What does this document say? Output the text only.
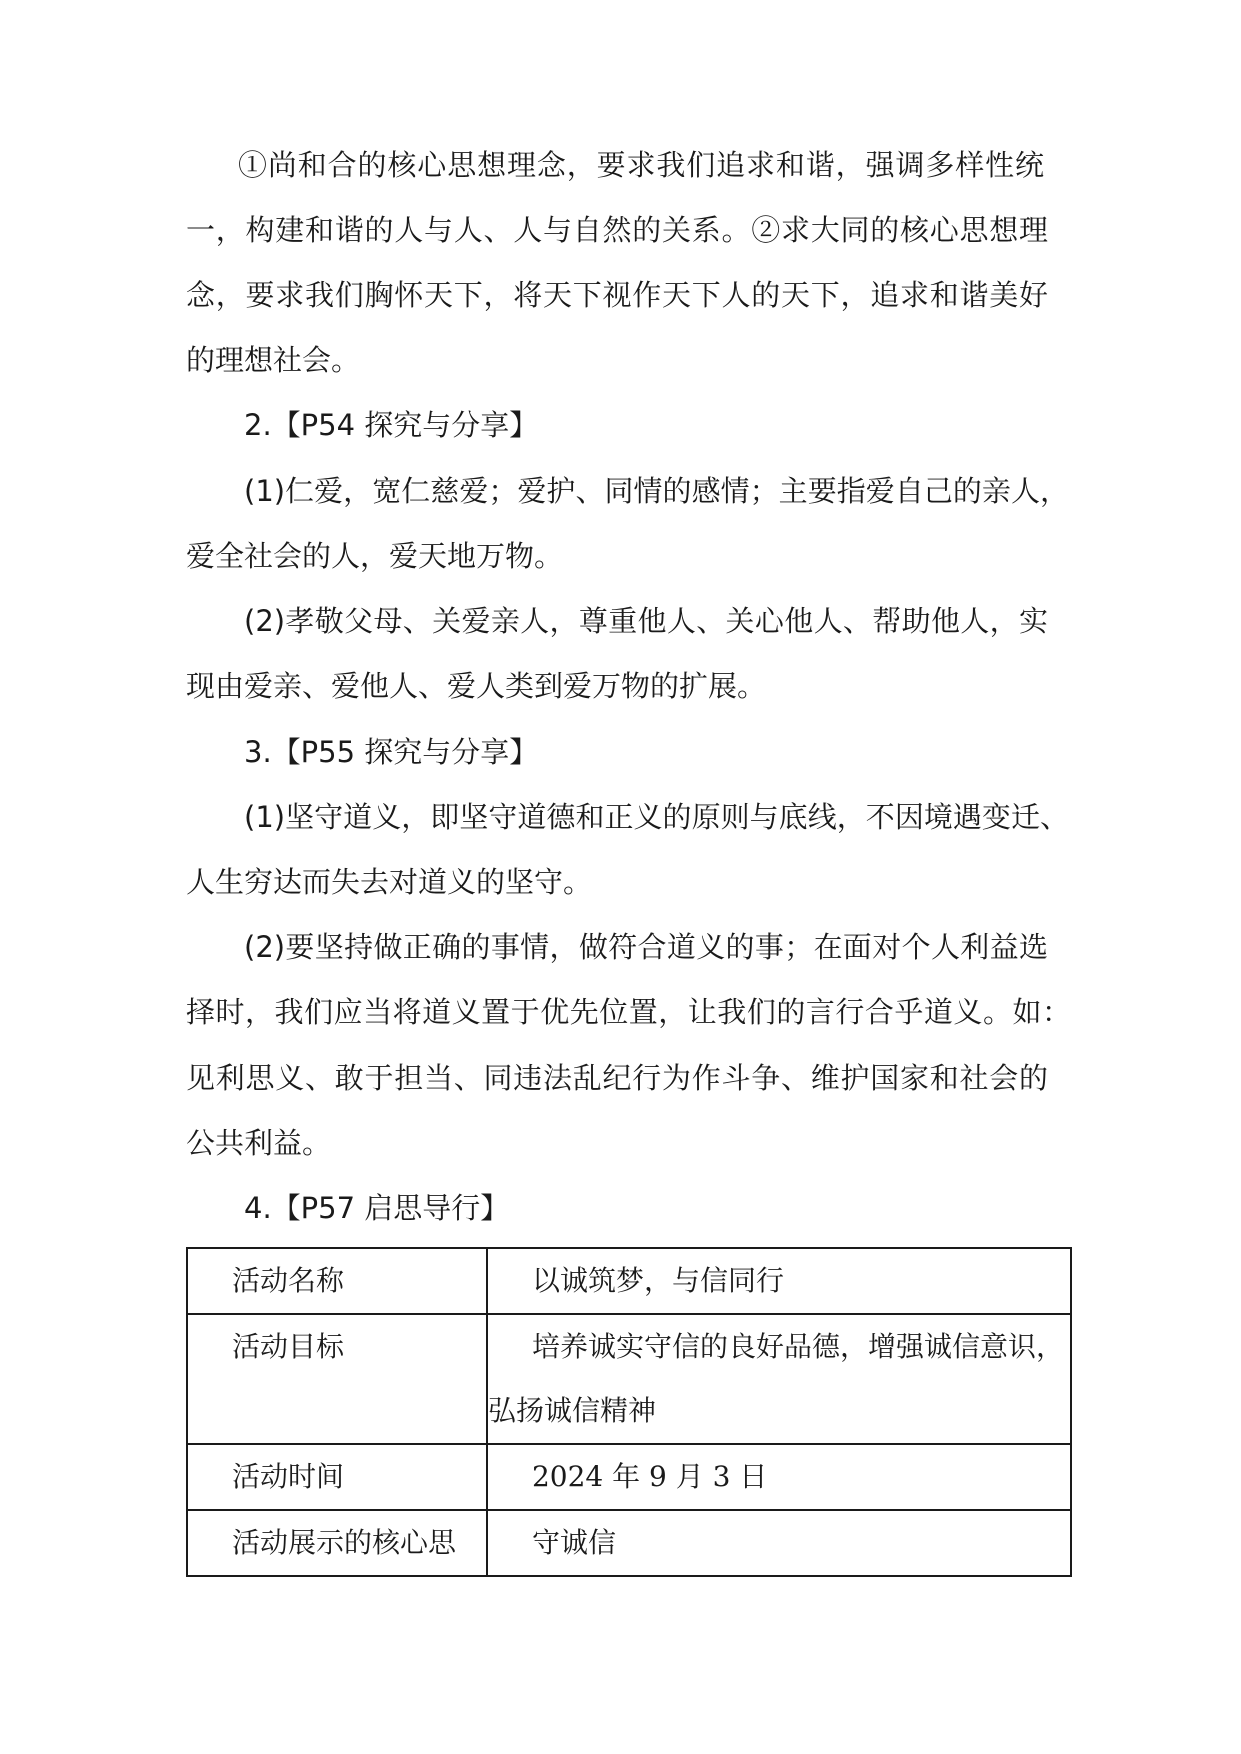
①尚和合的核心思想理念，要求我们追求和谐，强调多样性统
一，构建和谐的人与人、人与自然的关系。②求大同的核心思想理
念，要求我们胸怀天下，将天下视作天下人的天下，追求和谐美好
的理想社会。
2.【P54 探究与分享】
(1)仁爱，宽仁慈爱；爱护、同情的感情；主要指爱自己的亲人，
爱全社会的人，爱天地万物。
(2)孝敬父母、关爱亲人，尊重他人、关心他人、帮助他人，实
现由爱亲、爱他人、爱人类到爱万物的扩展。
3.【P55 探究与分享】
(1)坚守道义，即坚守道德和正义的原则与底线，不因境遇变迁、
人生穷达而失去对道义的坚守。
(2)要坚持做正确的事情，做符合道义的事；在面对个人利益选
择时，我们应当将道义置于优先位置，让我们的言行合乎道义。如：
见利思义、敢于担当、同违法乱纪行为作斗争、维护国家和社会的
公共利益。
4.【P57 启思导行】
活动名称	以诚筑梦，与信同行

活动目标	培养诚实守信的良好品德，增强诚信意识，
弘扬诚信精神

活动时间	2024 年 9 月 3 日

活动展示的核心思	守诚信
